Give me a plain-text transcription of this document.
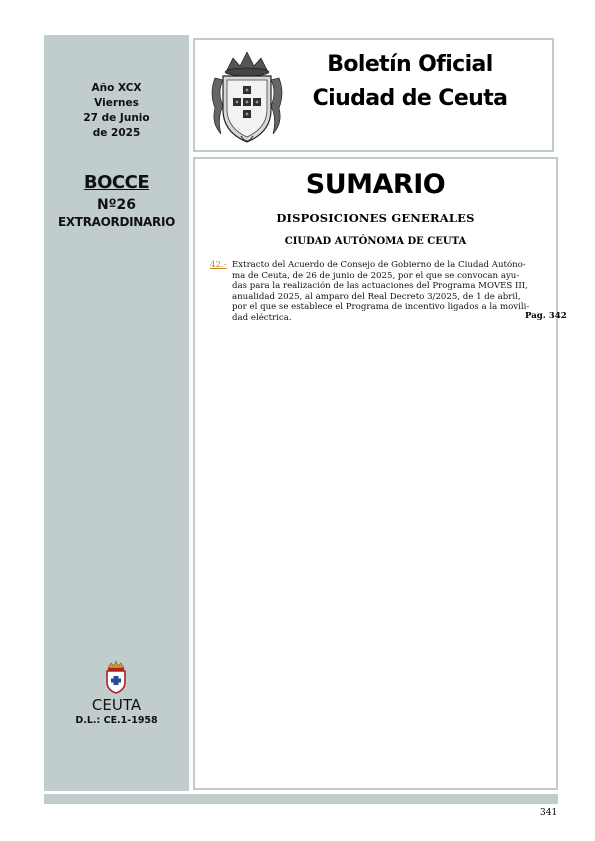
Año XCX
Viernes
27 de Junio
de 2025
BOCCE
Nº26
EXTRAORDINARIO
CEUTA
D.L.: CE.1-1958
Boletín Oficial
Ciudad de Ceuta
SUMARIO
DISPOSICIONES GENERALES
CIUDAD AUTÓNOMA DE CEUTA
42.- Extracto del Acuerdo de Consejo de Gobierno de la Ciudad Autóno-
ma de Ceuta, de 26 de junio de 2025, por el que se convocan ayu-
das para la realización de las actuaciones del Programa MOVES III,
anualidad 2025, al amparo del Real Decreto 3/2025, de 1 de abril,
por el que se establece el Programa de incentivo ligados a la movili-
dad eléctrica.	Pag. 342
341
